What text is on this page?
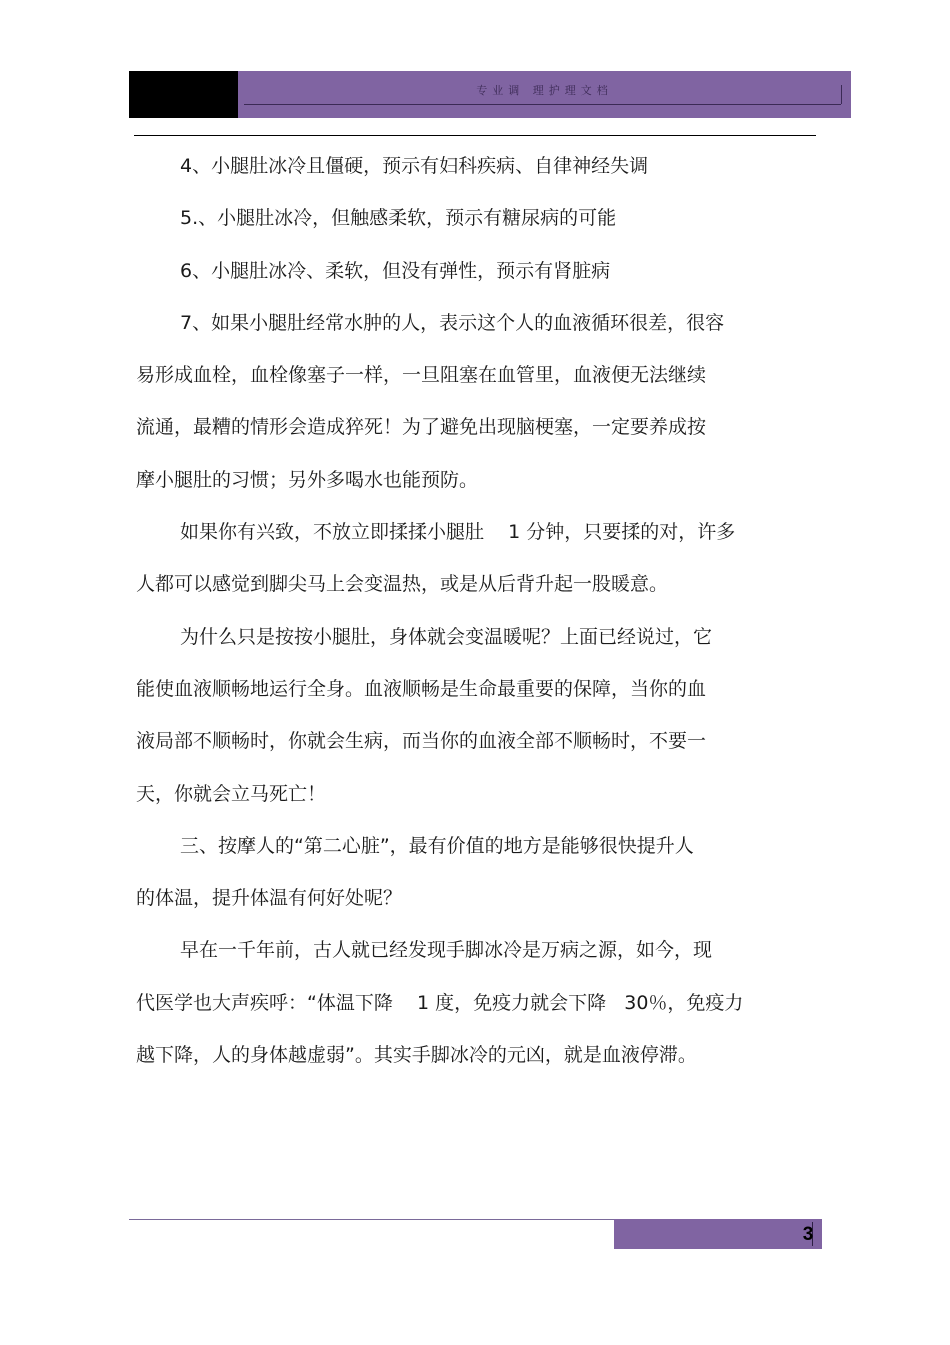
专业调 理护理文档

4、小腿肚冰冷且僵硬，预示有妇科疾病、自律神经失调

5.、小腿肚冰冷，但触感柔软，预示有糖尿病的可能

6、小腿肚冰冷、柔软，但没有弹性，预示有肾脏病

7、如果小腿肚经常水肿的人，表示这个人的血液循环很差，很容

易形成血栓，血栓像塞子一样，一旦阻塞在血管里，血液便无法继续

流通，最糟的情形会造成猝死！为了避免出现脑梗塞，一定要养成按

摩小腿肚的习惯；另外多喝水也能预防。

如果你有兴致，不放立即揉揉小腿肚    1 分钟，只要揉的对，许多

人都可以感觉到脚尖马上会变温热，或是从后背升起一股暖意。

为什么只是按按小腿肚，身体就会变温暖呢？上面已经说过，它

能使血液顺畅地运行全身。血液顺畅是生命最重要的保障，当你的血

液局部不顺畅时，你就会生病，而当你的血液全部不顺畅时，不要一

天，你就会立马死亡！

三、按摩人的“第二心脏”，最有价值的地方是能够很快提升人

的体温，提升体温有何好处呢？

早在一千年前，古人就已经发现手脚冰冷是万病之源，如今，现

代医学也大声疾呼：“体温下降    1 度，免疫力就会下降   30％，免疫力

越下降，人的身体越虚弱”。其实手脚冰冷的元凶，就是血液停滞。

3
